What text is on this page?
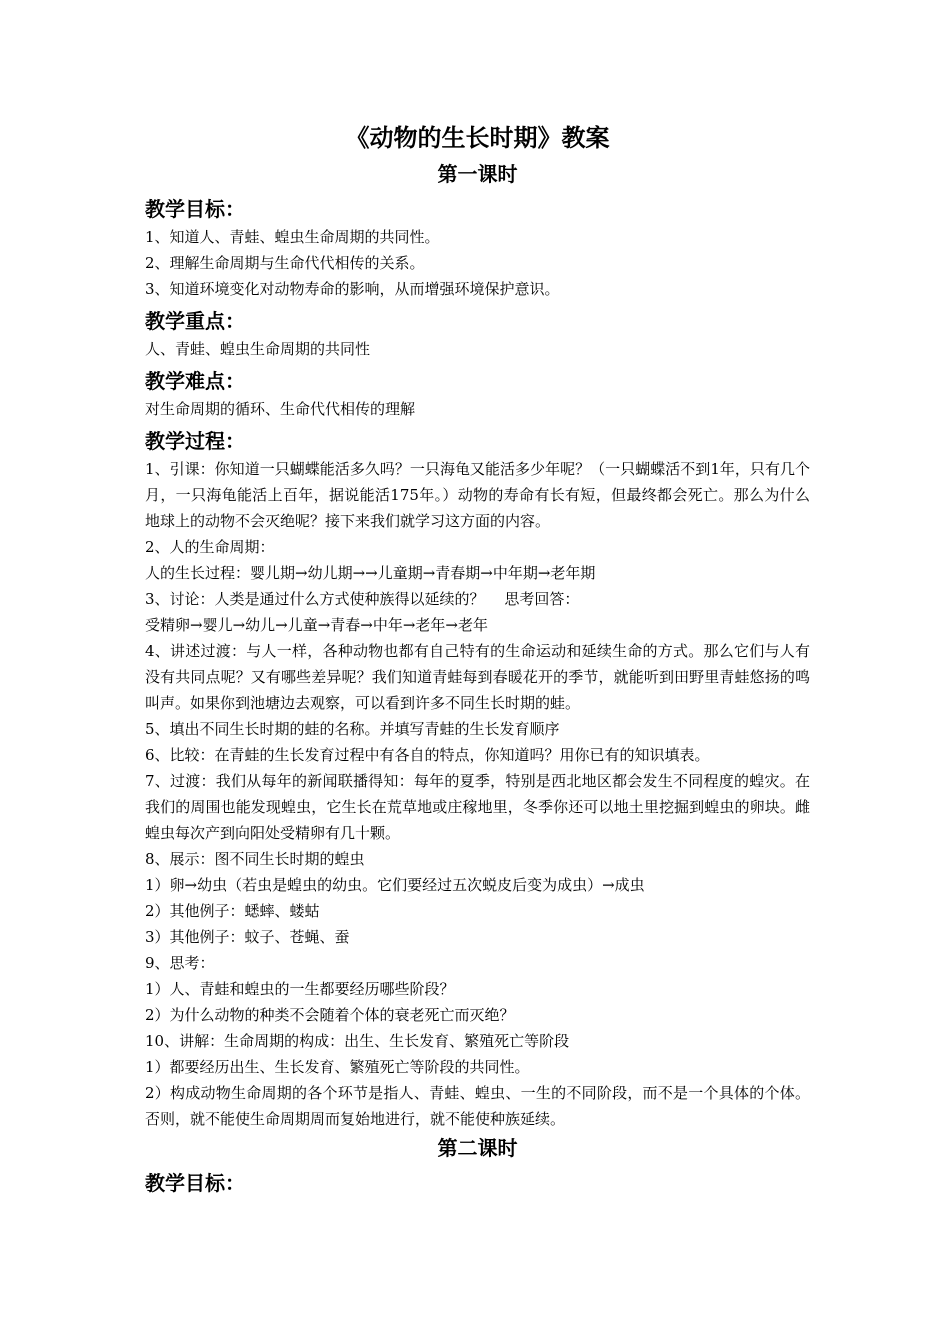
《动物的生长时期》教案
第一课时
教学目标：

1、知道人、青蛙、蝗虫生命周期的共同性。

2、理解生命周期与生命代代相传的关系。

3、知道环境变化对动物寿命的影响，从而增强环境保护意识。

教学重点：

人、青蛙、蝗虫生命周期的共同性

教学难点：

对生命周期的循环、生命代代相传的理解

教学过程：

1、引课：你知道一只蝴蝶能活多久吗？一只海龟又能活多少年呢？（一只蝴蝶活不到1年，只有几个月，一只海龟能活上百年，据说能活175年。）动物的寿命有长有短，但最终都会死亡。那么为什么地球上的动物不会灭绝呢？接下来我们就学习这方面的内容。

2、人的生命周期：

人的生长过程：婴儿期→幼儿期→→儿童期→青春期→中年期→老年期

3、讨论：人类是通过什么方式使种族得以延续的？　 思考回答：

受精卵→婴儿→幼儿→儿童→青春→中年→老年→老年

4、讲述过渡：与人一样，各种动物也都有自己特有的生命运动和延续生命的方式。那么它们与人有没有共同点呢？又有哪些差异呢？我们知道青蛙每到春暖花开的季节，就能听到田野里青蛙悠扬的鸣叫声。如果你到池塘边去观察，可以看到许多不同生长时期的蛙。

5、填出不同生长时期的蛙的名称。并填写青蛙的生长发育顺序

6、比较：在青蛙的生长发育过程中有各自的特点，你知道吗？用你已有的知识填表。

7、过渡：我们从每年的新闻联播得知：每年的夏季，特别是西北地区都会发生不同程度的蝗灾。在我们的周围也能发现蝗虫，它生长在荒草地或庄稼地里，冬季你还可以地土里挖掘到蝗虫的卵块。雌蝗虫每次产到向阳处受精卵有几十颗。

8、展示：图不同生长时期的蝗虫

1）卵→幼虫（若虫是蝗虫的幼虫。它们要经过五次蜕皮后变为成虫）→成虫

2）其他例子：蟋蟀、蝼蛄

3）其他例子：蚊子、苍蝇、蚕

9、思考：

1）人、青蛙和蝗虫的一生都要经历哪些阶段？

2）为什么动物的种类不会随着个体的衰老死亡而灭绝？

10、讲解：生命周期的构成：出生、生长发育、繁殖死亡等阶段

1）都要经历出生、生长发育、繁殖死亡等阶段的共同性。

2）构成动物生命周期的各个环节是指人、青蛙、蝗虫、一生的不同阶段，而不是一个具体的个体。否则，就不能使生命周期周而复始地进行，就不能使种族延续。

第二课时
教学目标：
